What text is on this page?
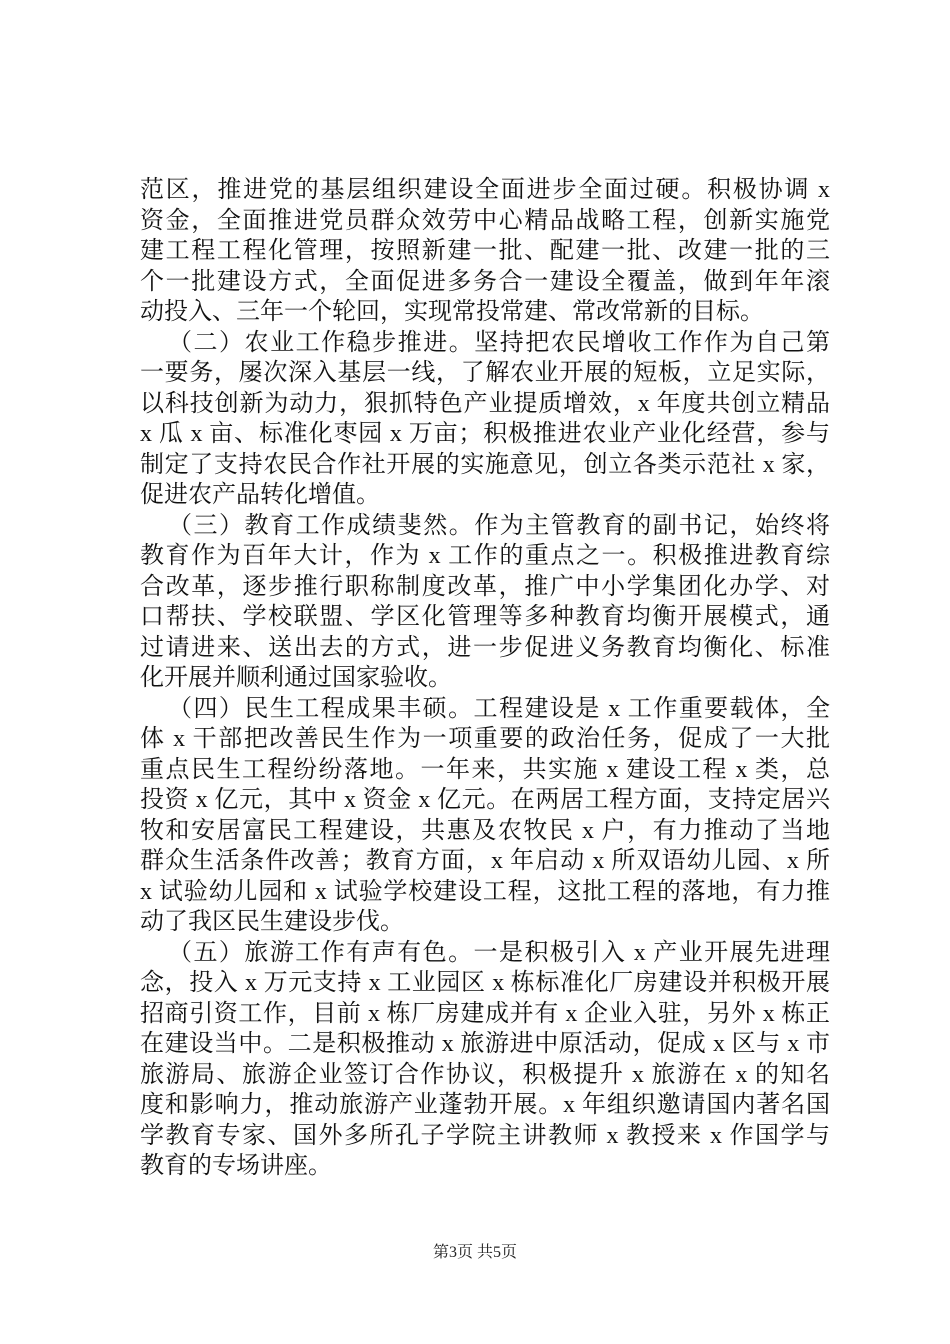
范区，推进党的基层组织建设全面进步全面过硬。积极协调 x
资金，全面推进党员群众效劳中心精品战略工程，创新实施党
建工程工程化管理，按照新建一批、配建一批、改建一批的三
个一批建设方式，全面促进多务合一建设全覆盖，做到年年滚
动投入、三年一个轮回，实现常投常建、常改常新的目标。
（二）农业工作稳步推进。坚持把农民增收工作作为自己第
一要务，屡次深入基层一线，了解农业开展的短板，立足实际，
以科技创新为动力，狠抓特色产业提质增效，x 年度共创立精品
x 瓜 x 亩、标准化枣园 x 万亩；积极推进农业产业化经营，参与
制定了支持农民合作社开展的实施意见，创立各类示范社 x 家，
促进农产品转化增值。
（三）教育工作成绩斐然。作为主管教育的副书记，始终将
教育作为百年大计，作为 x 工作的重点之一。积极推进教育综
合改革，逐步推行职称制度改革，推广中小学集团化办学、对
口帮扶、学校联盟、学区化管理等多种教育均衡开展模式，通
过请进来、送出去的方式，进一步促进义务教育均衡化、标准
化开展并顺利通过国家验收。
（四）民生工程成果丰硕。工程建设是 x 工作重要载体，全
体 x 干部把改善民生作为一项重要的政治任务，促成了一大批
重点民生工程纷纷落地。一年来，共实施 x 建设工程 x 类，总
投资 x 亿元，其中 x 资金 x 亿元。在两居工程方面，支持定居兴
牧和安居富民工程建设，共惠及农牧民 x 户，有力推动了当地
群众生活条件改善；教育方面，x 年启动 x 所双语幼儿园、x 所
x 试验幼儿园和 x 试验学校建设工程，这批工程的落地，有力推
动了我区民生建设步伐。
（五）旅游工作有声有色。一是积极引入 x 产业开展先进理
念，投入 x 万元支持 x 工业园区 x 栋标准化厂房建设并积极开展
招商引资工作，目前 x 栋厂房建成并有 x 企业入驻，另外 x 栋正
在建设当中。二是积极推动 x 旅游进中原活动，促成 x 区与 x 市
旅游局、旅游企业签订合作协议，积极提升 x 旅游在 x 的知名
度和影响力，推动旅游产业蓬勃开展。x 年组织邀请国内著名国
学教育专家、国外多所孔子学院主讲教师 x 教授来 x 作国学与
教育的专场讲座。
第3页 共5页
